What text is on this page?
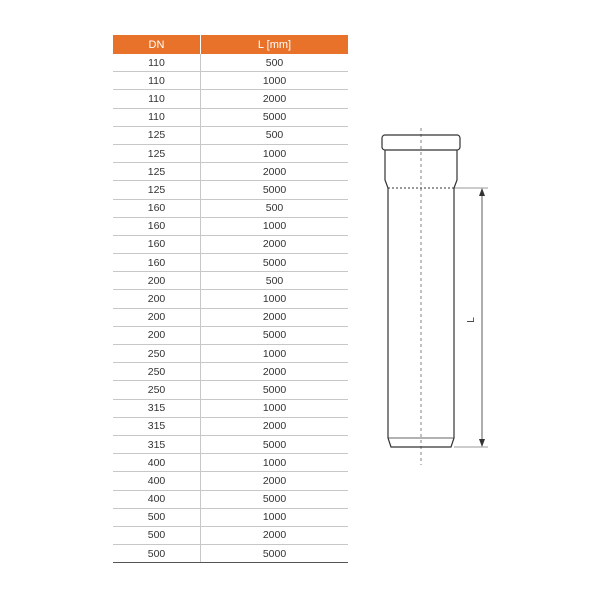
DN	L [mm]
110	500
110	1000
110	2000
110	5000
125	500
125	1000
125	2000
125	5000
160	500
160	1000
160	2000
160	5000
200	500
200	1000
200	2000
200	5000
250	1000
250	2000
250	5000
315	1000
315	2000
315	5000
400	1000
400	2000
400	5000
500	1000
500	2000
500	5000
L
